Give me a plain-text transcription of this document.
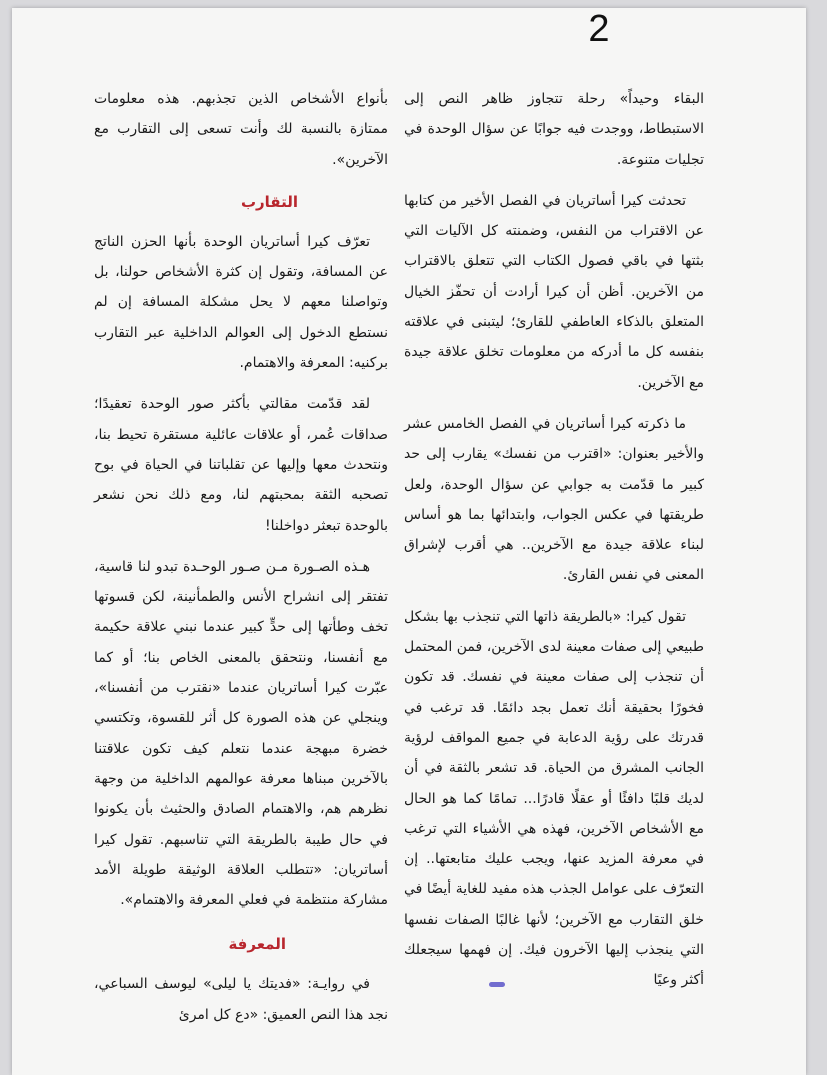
2

البقاء وحيداً» رحلة تتجاوز ظاهر النص إلى الاستبطاط، ووجدت فيه جوابًا عن سؤال الوحدة في تجليات متنوعة.

تحدثت كيرا أساتريان في الفصل الأخير من كتابها عن الاقتراب من النفس، وضمنته كل الآليات التي بثتها في باقي فصول الكتاب التي تتعلق بالاقتراب من الآخرين. أظن أن كيرا أرادت أن تحفّز الخيال المتعلق بالذكاء العاطفي للقارئ؛ ليتبنى في علاقته بنفسه كل ما أدركه من معلومات تخلق علاقة جيدة مع الآخرين.

ما ذكرته كيرا أساتريان في الفصل الخامس عشر والأخير بعنوان: «اقترب من نفسك» يقارب إلى حد كبير ما قدّمت به جوابي عن سؤال الوحدة، ولعل طريقتها في عكس الجواب، وابتدائها بما هو أساس لبناء علاقة جيدة مع الآخرين.. هي أقرب لإشراق المعنى في نفس القارئ.

تقول كيرا: «بالطريقة ذاتها التي تنجذب بها بشكل طبيعي إلى صفات معينة لدى الآخرين، فمن المحتمل أن تنجذب إلى صفات معينة في نفسك. قد تكون فخورًا بحقيقة أنك تعمل بجد دائمًا. قد ترغب في قدرتك على رؤية الدعابة في جميع المواقف لرؤية الجانب المشرق من الحياة. قد تشعر بالثقة في أن لديك قلبًا دافئًا أو عقلًا قادرًا... تمامًا كما هو الحال مع الأشخاص الآخرين، فهذه هي الأشياء التي ترغب في معرفة المزيد عنها، ويجب عليك متابعتها.. إن التعرّف على عوامل الجذب هذه مفيد للغاية أيضًا في خلق التقارب مع الآخرين؛ لأنها غالبًا الصفات نفسها التي ينجذب إليها الآخرون فيك. إن فهمها سيجعلك أكثر وعيًا

بأنواع الأشخاص الذين تجذبهم. هذه معلومات ممتازة بالنسبة لك وأنت تسعى إلى التقارب مع الآخرين».

التقارب

تعرّف كيرا أساتريان الوحدة بأنها الحزن الناتج عن المسافة، وتقول إن كثرة الأشخاص حولنا، بل وتواصلنا معهم لا يحل مشكلة المسافة إن لم نستطع الدخول إلى العوالم الداخلية عبر التقارب بركنيه: المعرفة والاهتمام.

لقد قدّمت مقالتي بأكثر صور الوحدة تعقيدًا؛ صداقات عُمر، أو علاقات عائلية مستقرة تحيط بنا، ونتحدث معها وإليها عن تقلباتنا في الحياة في بوح تصحبه الثقة بمحبتهم لنا، ومع ذلك نحن نشعر بالوحدة تبعثر دواخلنا!

هـذه الصـورة مـن صـور الوحـدة تبدو لنا قاسية، تفتقر إلى انشراح الأنس والطمأنينة، لكن قسوتها تخف وطأتها إلى حدٍّ كبير عندما نبني علاقة حكيمة مع أنفسنا، ونتحقق بالمعنى الخاص بنا؛ أو كما عبّرت كيرا أساتريان عندما «نقترب من أنفسنا»، وينجلي عن هذه الصورة كل أثر للقسوة، وتكتسي خضرة مبهجة عندما نتعلم كيف تكون علاقتنا بالآخرين مبناها معرفة عوالمهم الداخلية من وجهة نظرهم هم، والاهتمام الصادق والحثيث بأن يكونوا في حال طيبة بالطريقة التي تناسبهم. تقول كيرا أساتريان: «تتطلب العلاقة الوثيقة طويلة الأمد مشاركة منتظمة في فعلي المعرفة والاهتمام».

المعرفة

في روايـة: «فديتك يا ليلى» ليوسف السباعي، نجد هذا النص العميق: «دع كل امرئ
